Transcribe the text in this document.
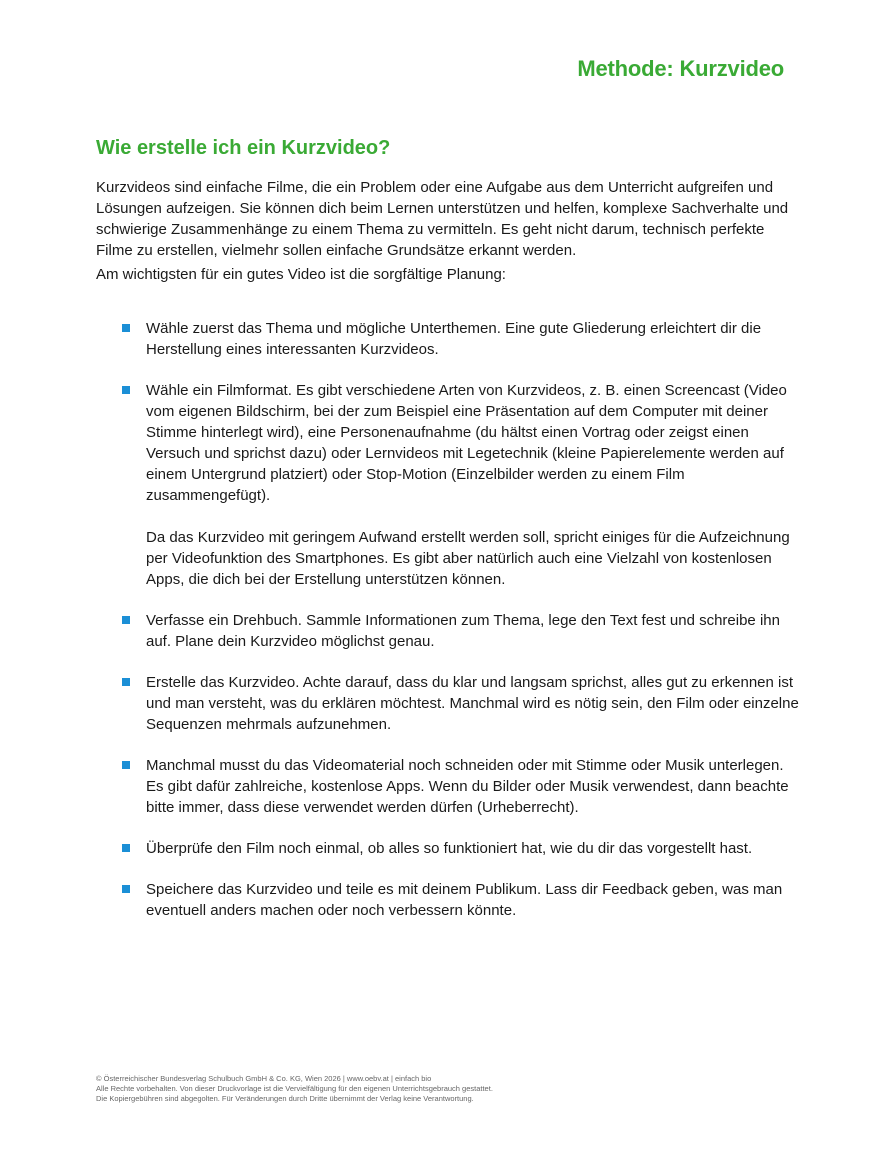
Methode: Kurzvideo
Wie erstelle ich ein Kurzvideo?

Kurzvideos sind einfache Filme, die ein Problem oder eine Aufgabe aus dem Unterricht aufgreifen und Lösungen aufzeigen. Sie können dich beim Lernen unterstützen und helfen, komplexe Sachverhalte und schwierige Zusammenhänge zu einem Thema zu vermitteln. Es geht nicht darum, technisch perfekte Filme zu erstellen, vielmehr sollen einfache Grundsätze erkannt werden.

Am wichtigsten für ein gutes Video ist die sorgfältige Planung:

Wähle zuerst das Thema und mögliche Unterthemen. Eine gute Gliederung erleichtert dir die Herstellung eines interessanten Kurzvideos.

Wähle ein Filmformat. Es gibt verschiedene Arten von Kurzvideos, z. B. einen Screencast (Video vom eigenen Bildschirm, bei der zum Beispiel eine Präsentation auf dem Computer mit deiner Stimme hinterlegt wird), eine Personenaufnahme (du hältst einen Vortrag oder zeigst einen Versuch und sprichst dazu) oder Lernvideos mit Legetechnik (kleine Papierelemente werden auf einem Untergrund platziert) oder Stop-Motion (Einzelbilder werden zu einem Film zusammengefügt).

Da das Kurzvideo mit geringem Aufwand erstellt werden soll, spricht einiges für die Aufzeichnung per Videofunktion des Smartphones. Es gibt aber natürlich auch eine Vielzahl von kostenlosen Apps, die dich bei der Erstellung unterstützen können.

Verfasse ein Drehbuch. Sammle Informationen zum Thema, lege den Text fest und schreibe ihn auf. Plane dein Kurzvideo möglichst genau.

Erstelle das Kurzvideo. Achte darauf, dass du klar und langsam sprichst, alles gut zu erkennen ist und man versteht, was du erklären möchtest. Manchmal wird es nötig sein, den Film oder einzelne Sequenzen mehrmals aufzunehmen.

Manchmal musst du das Videomaterial noch schneiden oder mit Stimme oder Musik unterlegen. Es gibt dafür zahlreiche, kostenlose Apps. Wenn du Bilder oder Musik verwendest, dann beachte bitte immer, dass diese verwendet werden dürfen (Urheberrecht).

Überprüfe den Film noch einmal, ob alles so funktioniert hat, wie du dir das vorgestellt hast.

Speichere das Kurzvideo und teile es mit deinem Publikum. Lass dir Feedback geben, was man eventuell anders machen oder noch verbessern könnte.

© Österreichischer Bundesverlag Schulbuch GmbH & Co. KG, Wien 2026 | www.oebv.at | einfach bio
Alle Rechte vorbehalten. Von dieser Druckvorlage ist die Vervielfältigung für den eigenen Unterrichtsgebrauch gestattet.
Die Kopiergebühren sind abgegolten. Für Veränderungen durch Dritte übernimmt der Verlag keine Verantwortung.
